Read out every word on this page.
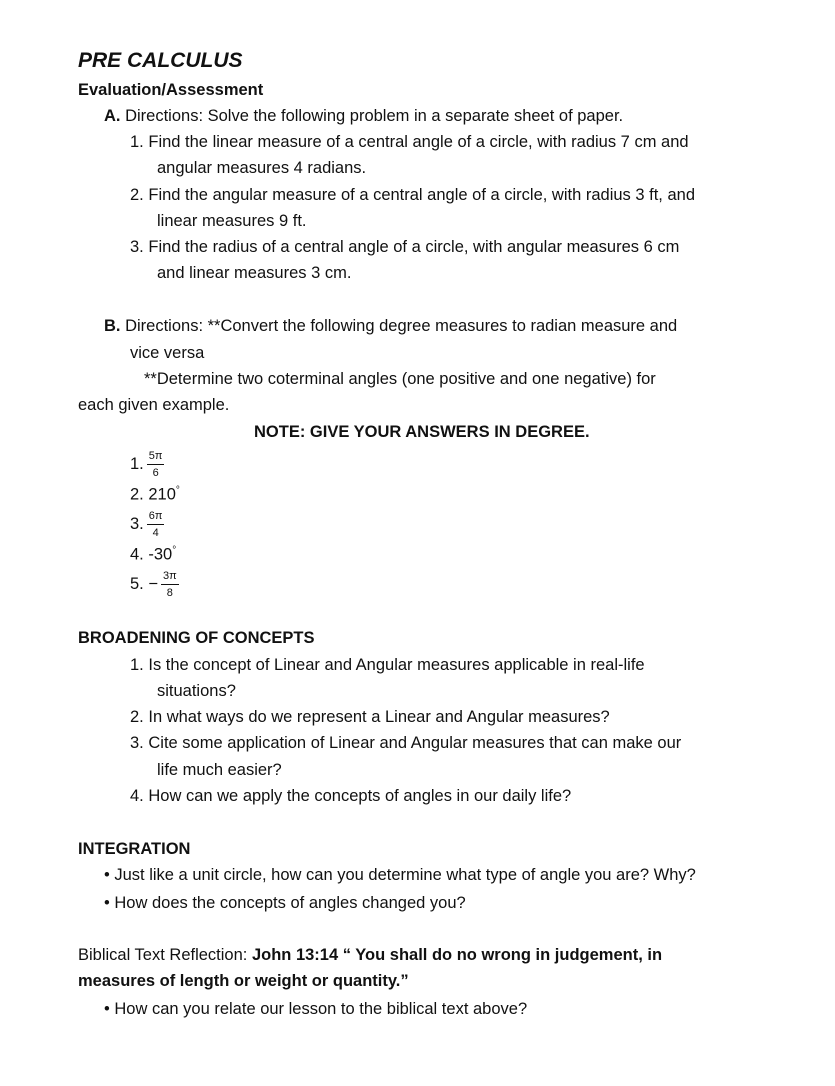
PRE CALCULUS
Evaluation/Assessment
A. Directions: Solve the following problem in a separate sheet of paper.
1. Find the linear measure of a central angle of a circle, with radius 7 cm and
angular measures 4 radians.
2. Find the angular measure of a central angle of a circle, with radius 3 ft, and
linear measures 9 ft.
3. Find the radius of a central angle of a circle, with angular measures 6 cm
and linear measures 3 cm.
B. Directions: **Convert the following degree measures to radian measure and
vice versa
**Determine two coterminal angles (one positive and one negative) for
each given example.
NOTE: GIVE YOUR ANSWERS IN DEGREE.
1. $\frac{5\pi}{6}$
2. 210°
3. $\frac{6\pi}{4}$
4. -30°
5. − $\frac{3\pi}{8}$
BROADENING OF CONCEPTS
1. Is the concept of Linear and Angular measures applicable in real-life
situations?
2. In what ways do we represent a Linear and Angular measures?
3. Cite some application of Linear and Angular measures that can make our
life much easier?
4. How can we apply the concepts of angles in our daily life?
INTEGRATION
• Just like a unit circle, how can you determine what type of angle you are? Why?
• How does the concepts of angles changed you?
Biblical Text Reflection: John 13:14 “ You shall do no wrong in judgement, in
measures of length or weight or quantity.”
• How can you relate our lesson to the biblical text above?
